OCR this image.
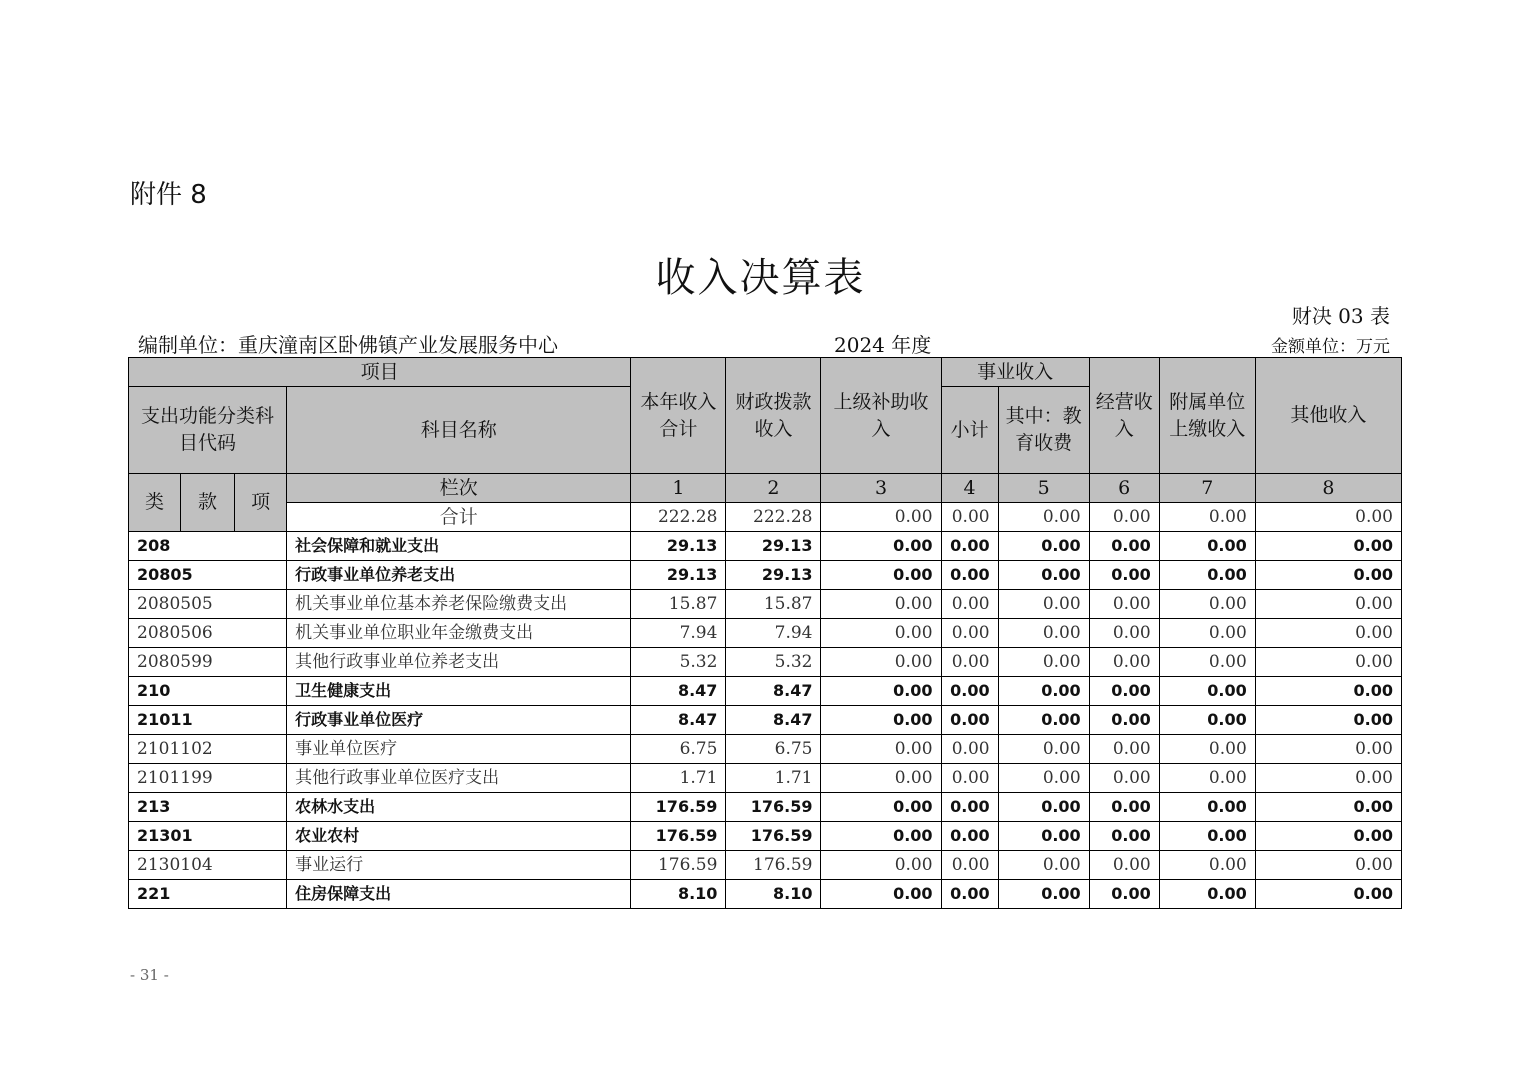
附件 8
收入决算表
财决 03 表
编制单位：重庆潼南区卧佛镇产业发展服务中心	2024 年度	金额单位：万元
项目				本年收入合计	财政拨款收入	上级补助收入	事业收入		经营收入	附属单位上缴收入	其他收入
支出功能分类科目代码			科目名称				小计	其中：教育收费			
类	款	项	栏次	1	2	3	4	5	6	7	8
			合计	222.28	222.28	0.00	0.00	0.00	0.00	0.00	0.00
208			社会保障和就业支出	29.13	29.13	0.00	0.00	0.00	0.00	0.00	0.00
20805			行政事业单位养老支出	29.13	29.13	0.00	0.00	0.00	0.00	0.00	0.00
2080505			机关事业单位基本养老保险缴费支出	15.87	15.87	0.00	0.00	0.00	0.00	0.00	0.00
2080506			机关事业单位职业年金缴费支出	7.94	7.94	0.00	0.00	0.00	0.00	0.00	0.00
2080599			其他行政事业单位养老支出	5.32	5.32	0.00	0.00	0.00	0.00	0.00	0.00
210			卫生健康支出	8.47	8.47	0.00	0.00	0.00	0.00	0.00	0.00
21011			行政事业单位医疗	8.47	8.47	0.00	0.00	0.00	0.00	0.00	0.00
2101102			事业单位医疗	6.75	6.75	0.00	0.00	0.00	0.00	0.00	0.00
2101199			其他行政事业单位医疗支出	1.71	1.71	0.00	0.00	0.00	0.00	0.00	0.00
213			农林水支出	176.59	176.59	0.00	0.00	0.00	0.00	0.00	0.00
21301			农业农村	176.59	176.59	0.00	0.00	0.00	0.00	0.00	0.00
2130104			事业运行	176.59	176.59	0.00	0.00	0.00	0.00	0.00	0.00
221			住房保障支出	8.10	8.10	0.00	0.00	0.00	0.00	0.00	0.00
- 31 -
